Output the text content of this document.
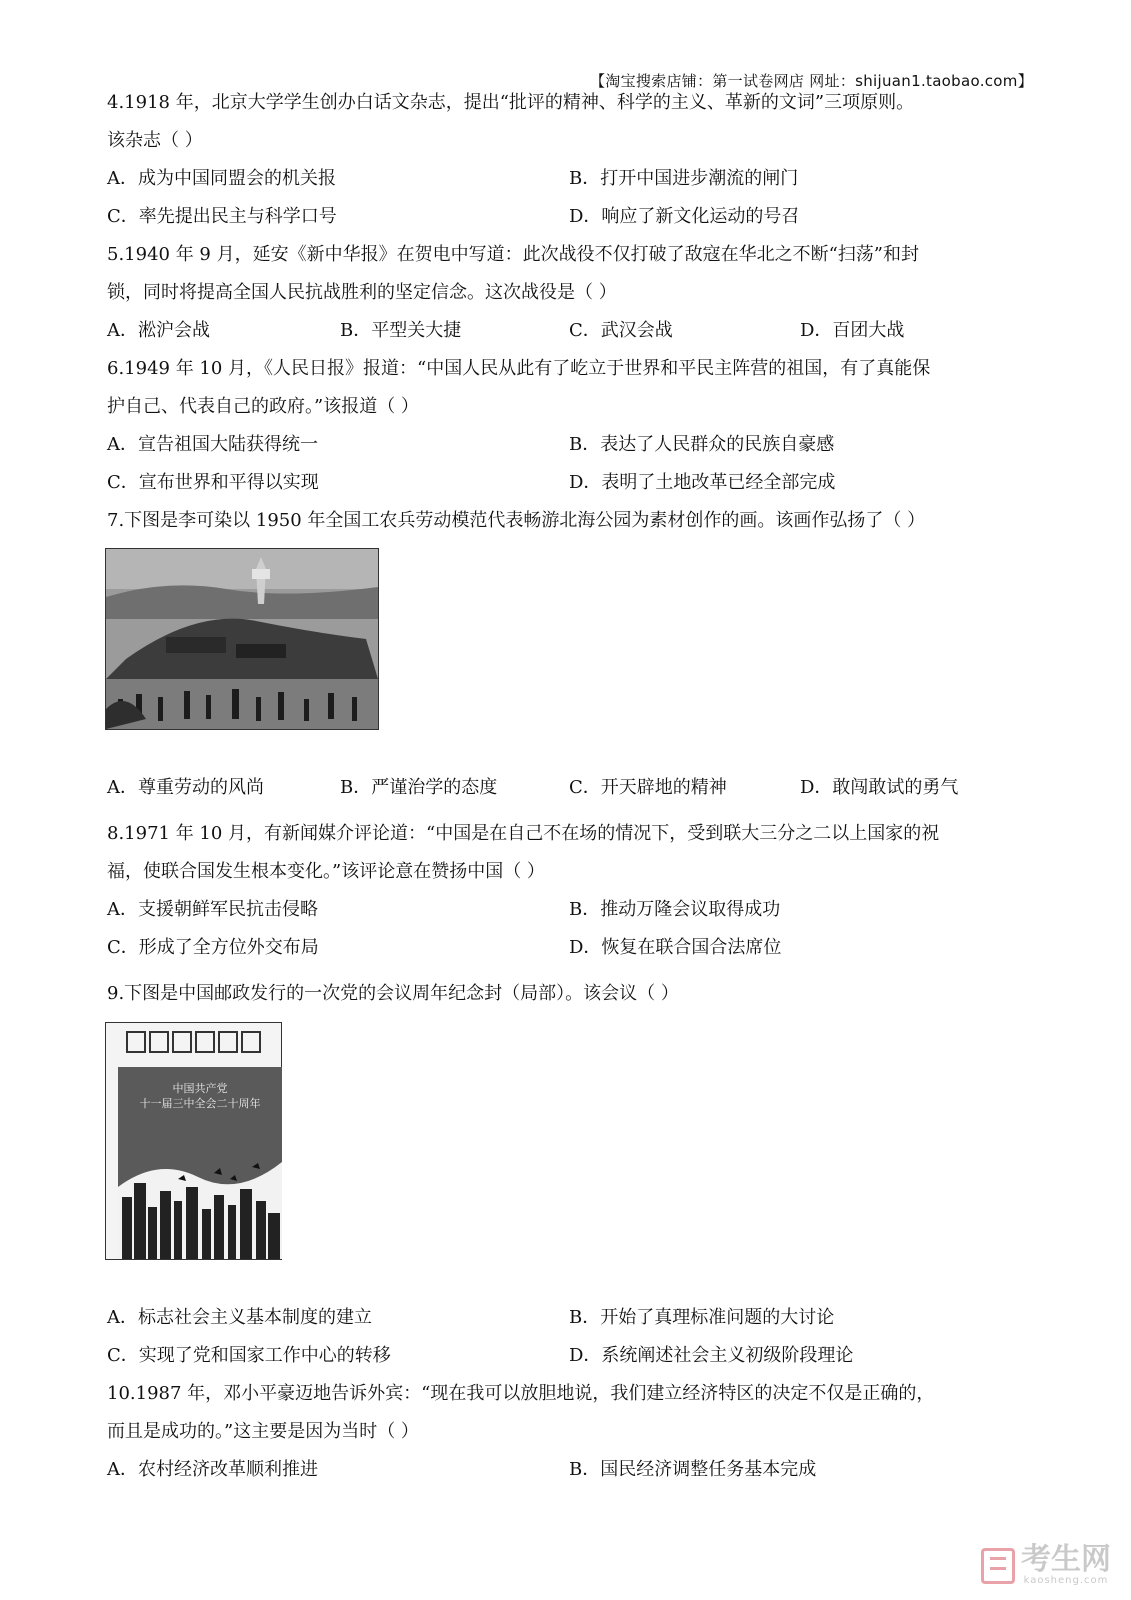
【淘宝搜索店铺：第一试卷网店 网址：shijuan1.taobao.com】
4.1918 年，北京大学学生创办白话文杂志，提出“批评的精神、科学的主义、革新的文词”三项原则。
该杂志（ ）
A．成为中国同盟会的机关报	B．打开中国进步潮流的闸门
C．率先提出民主与科学口号	D．响应了新文化运动的号召
5.1940 年 9 月，延安《新中华报》在贺电中写道：此次战役不仅打破了敌寇在华北之不断“扫荡”和封
锁，同时将提高全国人民抗战胜利的坚定信念。这次战役是（ ）
A．淞沪会战	B．平型关大捷	C．武汉会战	D．百团大战
6.1949 年 10 月，《人民日报》报道：“中国人民从此有了屹立于世界和平民主阵营的祖国，有了真能保
护自己、代表自己的政府。”该报道（ ）
A．宣告祖国大陆获得统一	B．表达了人民群众的民族自豪感
C．宣布世界和平得以实现	D．表明了土地改革已经全部完成
7.下图是李可染以 1950 年全国工农兵劳动模范代表畅游北海公园为素材创作的画。该画作弘扬了（ ）
A．尊重劳动的风尚	B．严谨治学的态度	C．开天辟地的精神	D．敢闯敢试的勇气
8.1971 年 10 月，有新闻媒介评论道：“中国是在自己不在场的情况下，受到联大三分之二以上国家的祝
福，使联合国发生根本变化。”该评论意在赞扬中国（ ）
A．支援朝鲜军民抗击侵略	B．推动万隆会议取得成功
C．形成了全方位外交布局	D．恢复在联合国合法席位
9.下图是中国邮政发行的一次党的会议周年纪念封（局部）。该会议（ ）
中国共产党
十一届三中全会二十周年
A．标志社会主义基本制度的建立	B．开始了真理标准问题的大讨论
C．实现了党和国家工作中心的转移	D．系统阐述社会主义初级阶段理论
10.1987 年，邓小平豪迈地告诉外宾：“现在我可以放胆地说，我们建立经济特区的决定不仅是正确的，
而且是成功的。”这主要是因为当时（ ）
A．农村经济改革顺利推进	B．国民经济调整任务基本完成
考生网
kaosheng.com
